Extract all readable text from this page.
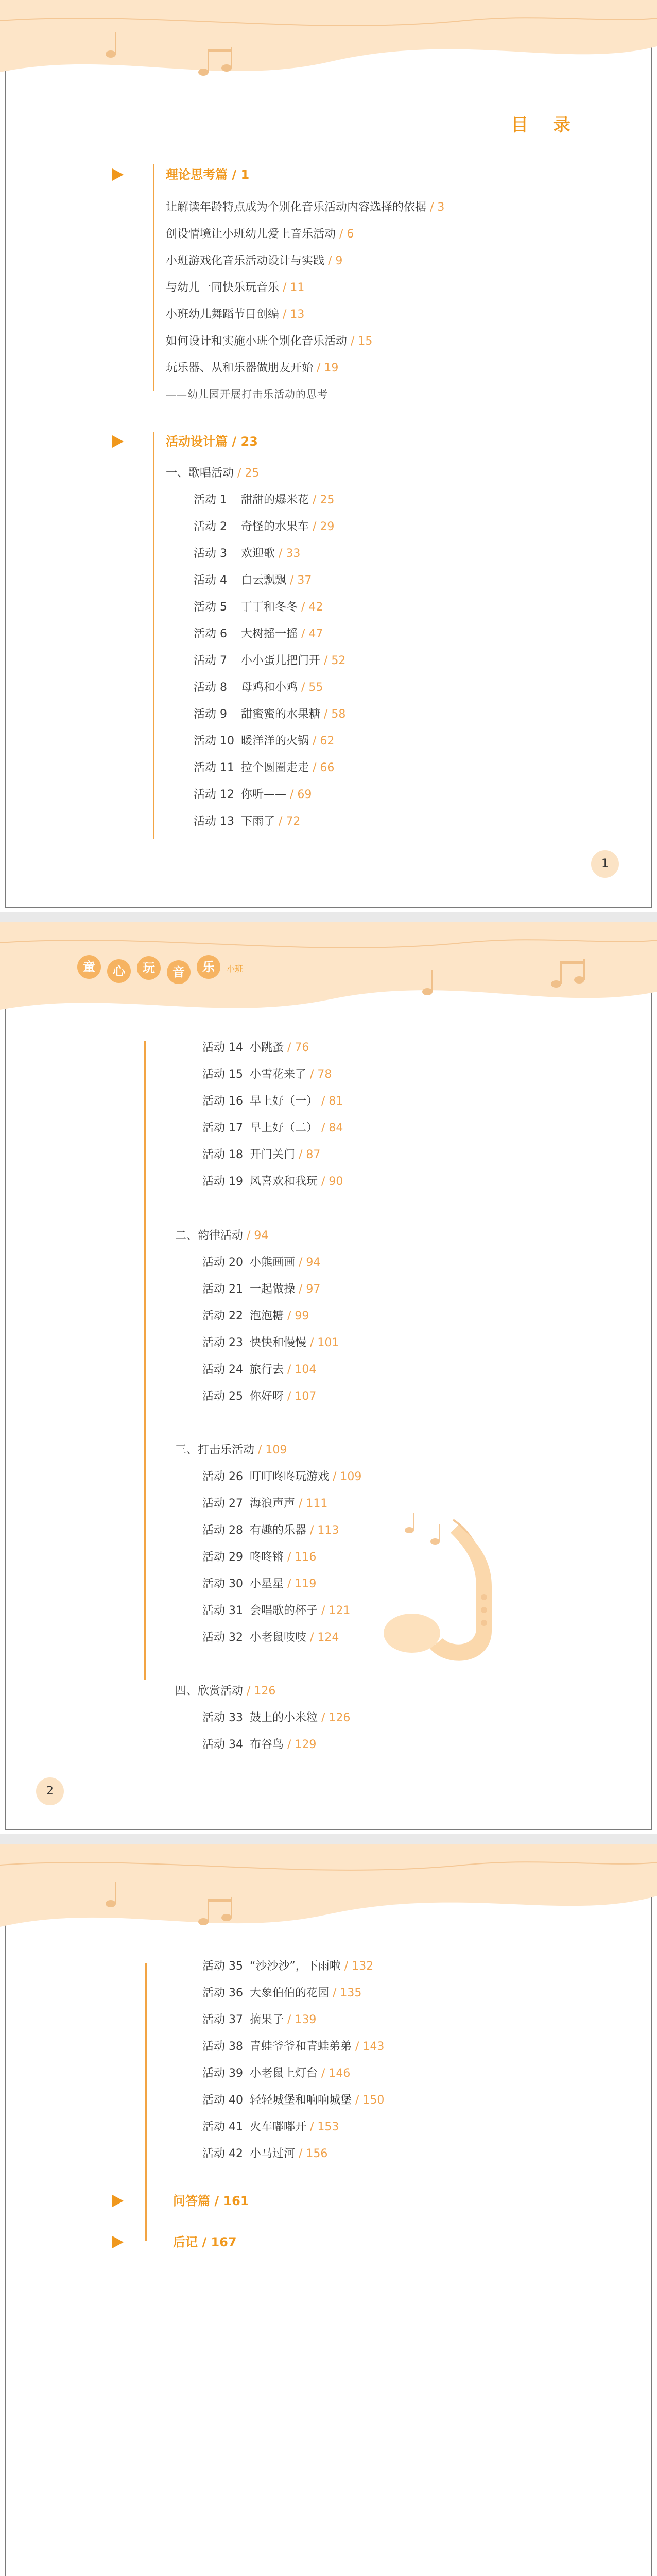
目 录
理论思考篇 / 1
让解读年龄特点成为个别化音乐活动内容选择的依据 / 3
创设情境让小班幼儿爱上音乐活动 / 6
小班游戏化音乐活动设计与实践 / 9
与幼儿一同快乐玩音乐 / 11
小班幼儿舞蹈节目创编 / 13
如何设计和实施小班个别化音乐活动 / 15
玩乐器、从和乐器做朋友开始 / 19
——幼儿园开展打击乐活动的思考
活动设计篇 / 23
一、歌唱活动 / 25
活动 1 甜甜的爆米花 / 25
活动 2 奇怪的水果车 / 29
活动 3 欢迎歌 / 33
活动 4 白云飘飘 / 37
活动 5 丁丁和冬冬 / 42
活动 6 大树摇一摇 / 47
活动 7 小小蛋儿把门开 / 52
活动 8 母鸡和小鸡 / 55
活动 9 甜蜜蜜的水果糖 / 58
活动 10 暖洋洋的火锅 / 62
活动 11 拉个圆圈走走 / 66
活动 12 你听—— / 69
活动 13 下雨了 / 72
1
童	心	玩	音	乐	小班
活动 14 小跳蚤 / 76
活动 15 小雪花来了 / 78
活动 16 早上好（一） / 81
活动 17 早上好（二） / 84
活动 18 开门关门 / 87
活动 19 风喜欢和我玩 / 90
二、韵律活动 / 94
活动 20 小熊画画 / 94
活动 21 一起做操 / 97
活动 22 泡泡糖 / 99
活动 23 快快和慢慢 / 101
活动 24 旅行去 / 104
活动 25 你好呀 / 107
三、打击乐活动 / 109
活动 26 叮叮咚咚玩游戏 / 109
活动 27 海浪声声 / 111
活动 28 有趣的乐器 / 113
活动 29 咚咚锵 / 116
活动 30 小星星 / 119
活动 31 会唱歌的杯子 / 121
活动 32 小老鼠吱吱 / 124
四、欣赏活动 / 126
活动 33 鼓上的小米粒 / 126
活动 34 布谷鸟 / 129
2
活动 35 “沙沙沙”，下雨啦 / 132
活动 36 大象伯伯的花园 / 135
活动 37 摘果子 / 139
活动 38 青蛙爷爷和青蛙弟弟 / 143
活动 39 小老鼠上灯台 / 146
活动 40 轻轻城堡和响响城堡 / 150
活动 41 火车嘟嘟开 / 153
活动 42 小马过河 / 156
问答篇 / 161
后记 / 167
